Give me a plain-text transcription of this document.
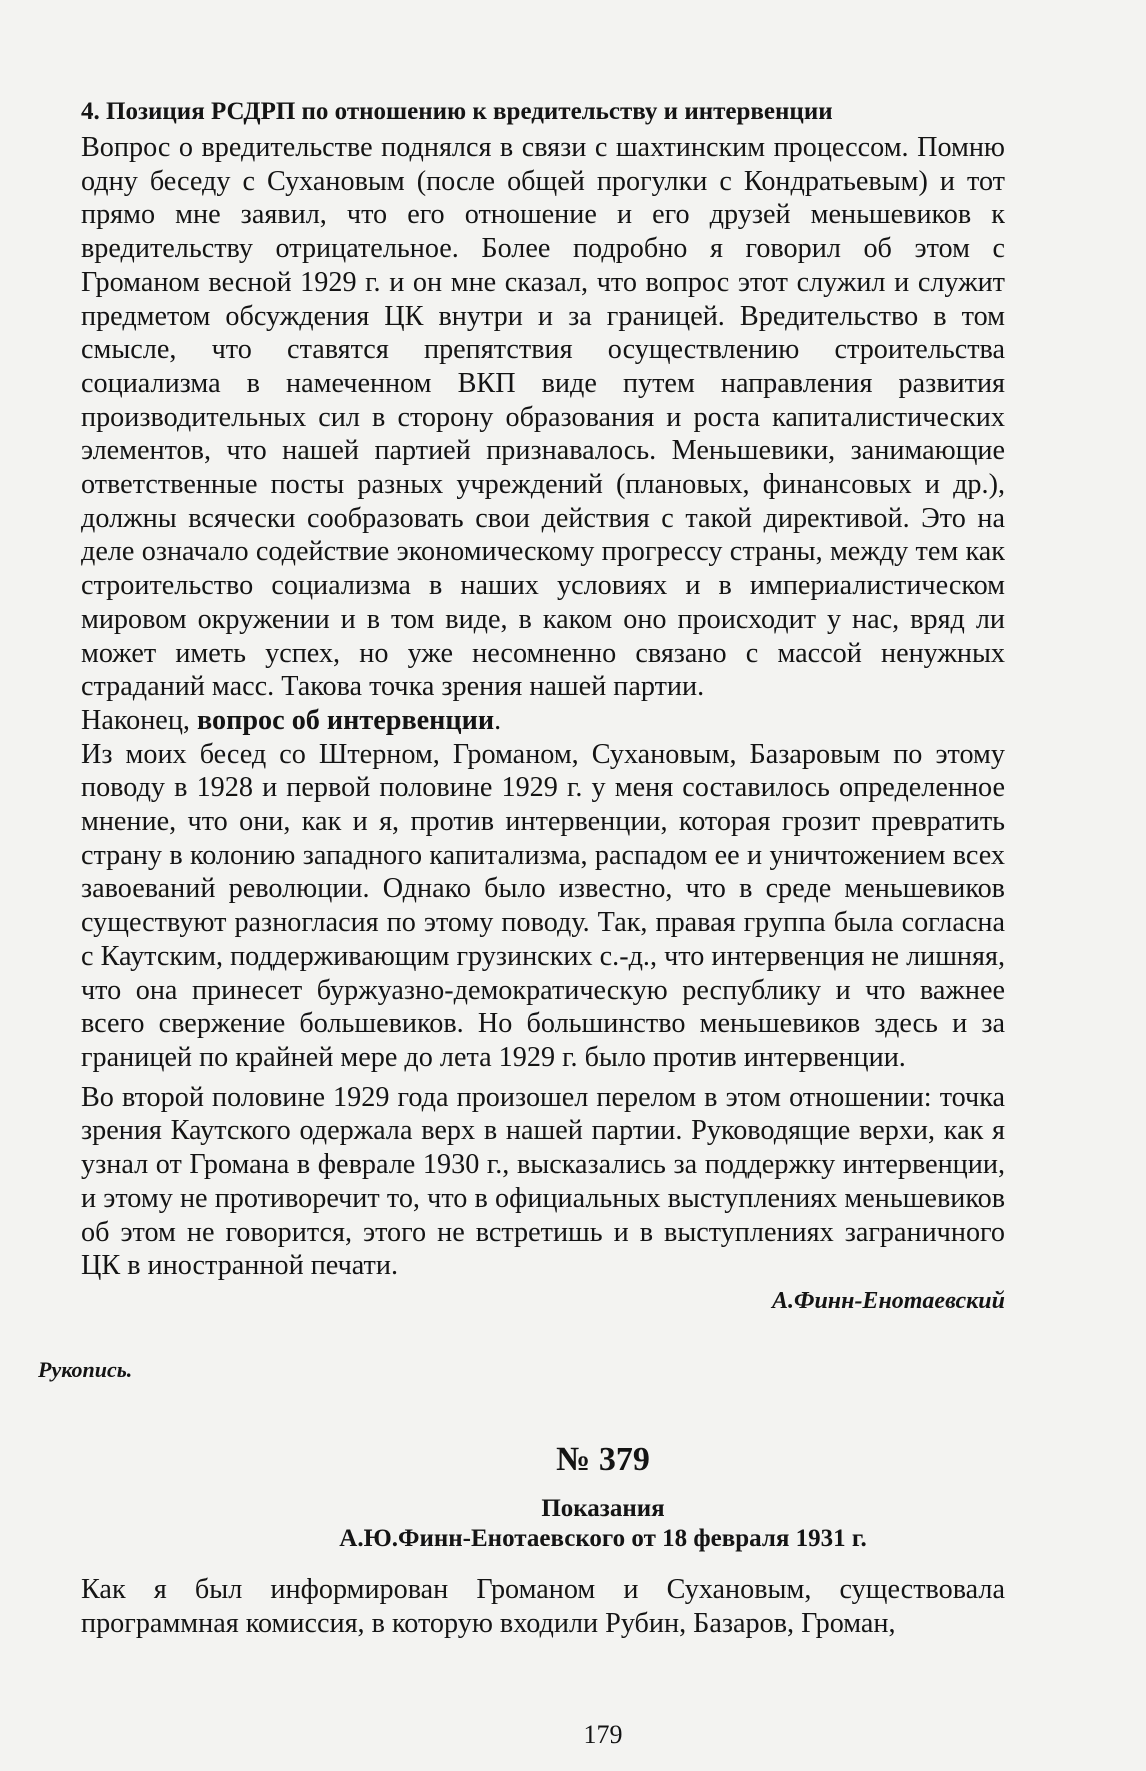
4. Позиция РСДРП по отношению к вредительству и интервенции

Вопрос о вредительстве поднялся в связи с шахтинским процессом. Помню одну беседу с Сухановым (после общей прогулки с Кондратьевым) и тот прямо мне заявил, что его отношение и его друзей меньшевиков к вредительству отрицательное. Более подробно я говорил об этом с Громаном весной 1929 г. и он мне сказал, что вопрос этот служил и служит предметом обсуждения ЦК внутри и за границей. Вредительство в том смысле, что ставятся препятствия осуществлению строительства социализма в намеченном ВКП виде путем направления развития производительных сил в сторону образования и роста капиталистических элементов, что нашей партией признавалось. Меньшевики, занимающие ответственные посты разных учреждений (плановых, финансовых и др.), должны всячески сообразовать свои действия с такой директивой. Это на деле означало содействие экономическому прогрессу страны, между тем как строительство социализма в наших условиях и в империалистическом мировом окружении и в том виде, в каком оно происходит у нас, вряд ли может иметь успех, но уже несомненно связано с массой ненужных страданий масс. Такова точка зрения нашей партии.

Наконец, вопрос об интервенции.

Из моих бесед со Штерном, Громаном, Сухановым, Базаровым по этому поводу в 1928 и первой половине 1929 г. у меня составилось определенное мнение, что они, как и я, против интервенции, которая грозит превратить страну в колонию западного капитализма, распадом ее и уничтожением всех завоеваний революции. Однако было известно, что в среде меньшевиков существуют разногласия по этому поводу. Так, правая группа была согласна с Каутским, поддерживающим грузинских с.-д., что интервенция не лишняя, что она принесет буржуазно-демократическую республику и что важнее всего свержение большевиков. Но большинство меньшевиков здесь и за границей по крайней мере до лета 1929 г. было против интервенции.

Во второй половине 1929 года произошел перелом в этом отношении: точка зрения Каутского одержала верх в нашей партии. Руководящие верхи, как я узнал от Громана в феврале 1930 г., высказались за поддержку интервенции, и этому не противоречит то, что в официальных выступлениях меньшевиков об этом не говорится, этого не встретишь и в выступлениях заграничного ЦК в иностранной печати.

А.Финн-Енотаевский
Рукопись.
№ 379
Показания
А.Ю.Финн-Енотаевского от 18 февраля 1931 г.

Как я был информирован Громаном и Сухановым, существовала программная комиссия, в которую входили Рубин, Базаров, Громан,

179
